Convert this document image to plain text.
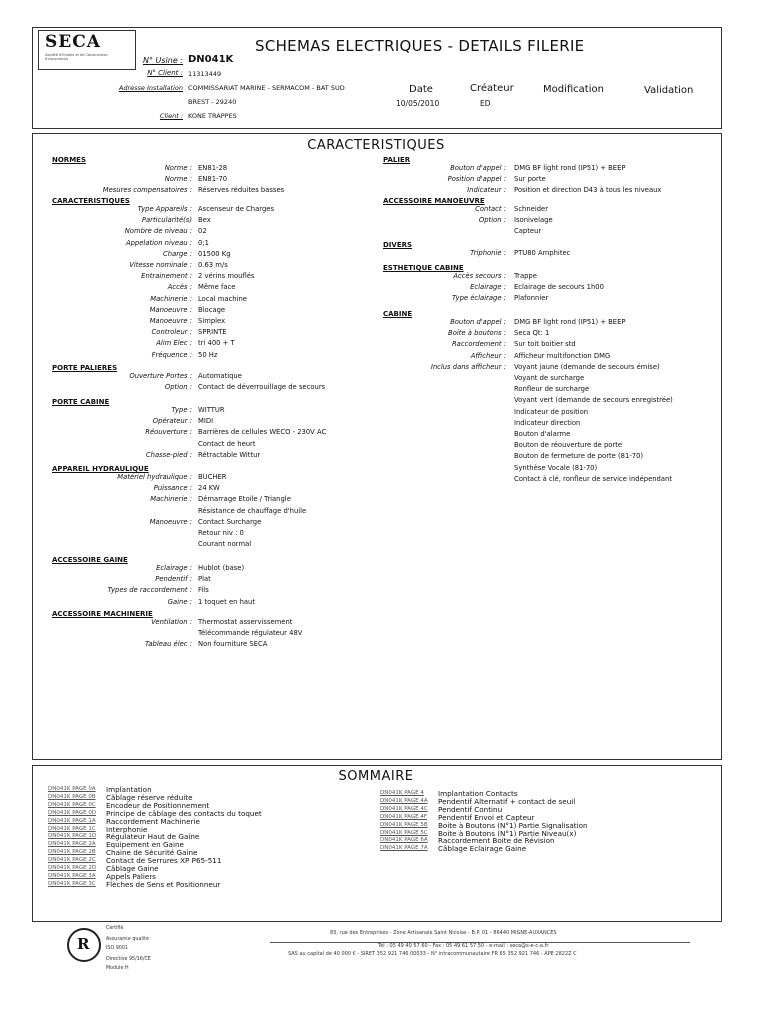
SECA
Société d'Etudes et de Construction d'Ascenseurs
SCHEMAS ELECTRIQUES - DETAILS FILERIE
N° Usine : DN041K
N° Client : 11313449
Adresse Installation COMMISSARIAT MARINE - SERMACOM - BAT SUD
BREST - 29240
Client : KONE TRAPPES
Date	Créateur	Modification	Validation
10/05/2010	ED
CARACTERISTIQUES
NORMES
Norme : EN81-28
Norme : EN81-70
Mesures compensatoires : Réserves réduites basses
CARACTERISTIQUES
Type Appareils : Ascenseur de Charges
Particularité(s) Bex
Nombre de niveau : 02
Appelation niveau : 0;1
Charge : 01500 Kg
Vitesse nominale : 0.63 m/s
Entrainement : 2 vérins mouflés
Accès : Même face
Machinerie : Local machine
Manoeuvre : Blocage
Manoeuvre : Simplex
Controleur : SPRINTE
Alim Elec : tri 400 + T
Fréquence : 50 Hz
PORTE PALIERES
Ouverture Portes : Automatique
Option : Contact de déverrouillage de secours
PORTE CABINE
Type : WITTUR
Opérateur : MIDI
Réouverture : Barrières de cellules WECO - 230V AC
Contact de heurt
Chasse-pied : Rétractable Wittur
APPAREIL HYDRAULIQUE
Matériel hydraulique : BUCHER
Puissance : 24 KW
Machinerie : Démarrage Etoile / Triangle
Résistance de chauffage d'huile
Manoeuvre : Contact Surcharge
Retour niv : 0
Courant normal
ACCESSOIRE GAINE
Eclairage : Hublot (base)
Pendentif : Plat
Types de raccordement : Fils
Gaine : 1 toquet en haut
ACCESSOIRE MACHINERIE
Ventilation : Thermostat asservissement
Télécommande régulateur 48V
Tableau élec : Non fourniture SECA
PALIER
Bouton d'appel : DMG BF light rond (IP51) + BEEP
Position d'appel : Sur porte
Indicateur : Position et direction D43 à tous les niveaux
ACCESSOIRE MANOEUVRE
Contact : Schneider
Option : Isonivelage
Capteur
DIVERS
Triphonie : PTU80 Amphitec
ESTHETIQUE CABINE
Accès secours : Trappe
Eclairage : Eclairage de secours 1h00
Type éclairage : Plafonnier
CABINE
Bouton d'appel : DMG BF light rond (IP51) + BEEP
Boite à boutons : Seca Qt: 1
Raccordement : Sur toit boitier std
Afficheur : Afficheur multifonction DMG
Inclus dans afficheur : Voyant jaune (demande de secours émise)
Voyant de surcharge
Ronfleur de surcharge
Voyant vert (demande de secours enregistrée)
Indicateur de position
Indicateur direction
Bouton d'alarme
Bouton de réouverture de porte
Bouton de fermeture de porte (81-70)
Synthèse Vocale (81-70)
Contact à clé, ronfleur de service indépendant
SOMMAIRE
DN041K PAGE 0A Implantation
DN041K PAGE 0B Câblage réserve réduite
DN041K PAGE 0C Encodeur de Positionnement
DN041K PAGE 0D Principe de câblage des contacts du toquet
DN041K PAGE 1A Raccordement Machinerie
DN041K PAGE 1C Interphonie
DN041K PAGE 1D Régulateur Haut de Gaine
DN041K PAGE 2A Equipement en Gaine
DN041K PAGE 2B Chaine de Sécurité Gaine
DN041K PAGE 2C Contact de Serrures XP P65-511
DN041K PAGE 2D Câblage Gaine
DN041K PAGE 3A Appels Paliers
DN041K PAGE 3C Flèches de Sens et Positionneur
DN041K PAGE 4 Implantation Contacts
DN041K PAGE 4A Pendentif Alternatif + contact de seuil
DN041K PAGE 4C Pendentif Continu
DN041K PAGE 4F Pendentif Envoi et Capteur
DN041K PAGE 5B Boite à Boutons (N°1) Partie Signalisation
DN041K PAGE 5C Boite à Boutons (N°1) Partie Niveau(x)
DN041K PAGE 6A Raccordement Boite de Révision
DN041K PAGE 7A Câblage Eclairage Gaine
R
Certifié
Assurance qualité
ISO 9001
Directive 95/16/CE
Module H
83, rue des Entreprises - Zone Artisanale Saint Nicolas - B.P. 01 - 86440 MIGNE-AUXANCES
Tél : 05 49 40 57 60 - Fax : 05 49 61 57 50 - e-mail : seca@s-e-c-a.fr
SAS au capital de 40 000 € - SIRET 352 921 746 00033 - N° intracommunautaire FR 65 352 921 746 - APE 2822Z C
